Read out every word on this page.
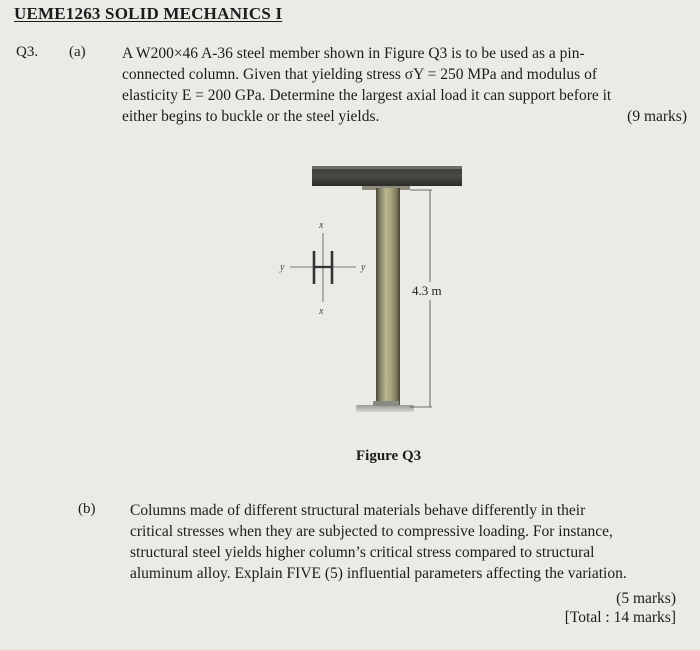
UEME1263 SOLID MECHANICS I
Q3. (a) A W200×46 A-36 steel member shown in Figure Q3 is to be used as a pin-
connected column. Given that yielding stress σY = 250 MPa and modulus of
elasticity E = 200 GPa. Determine the largest axial load it can support before it
either begins to buckle or the steel yields.	(9 marks)
4.3 m
x
x
y	y
Figure Q3
(b) Columns made of different structural materials behave differently in their
critical stresses when they are subjected to compressive loading. For instance,
structural steel yields higher column’s critical stress compared to structural
aluminum alloy. Explain FIVE (5) influential parameters affecting the variation.
(5 marks)
[Total : 14 marks]
